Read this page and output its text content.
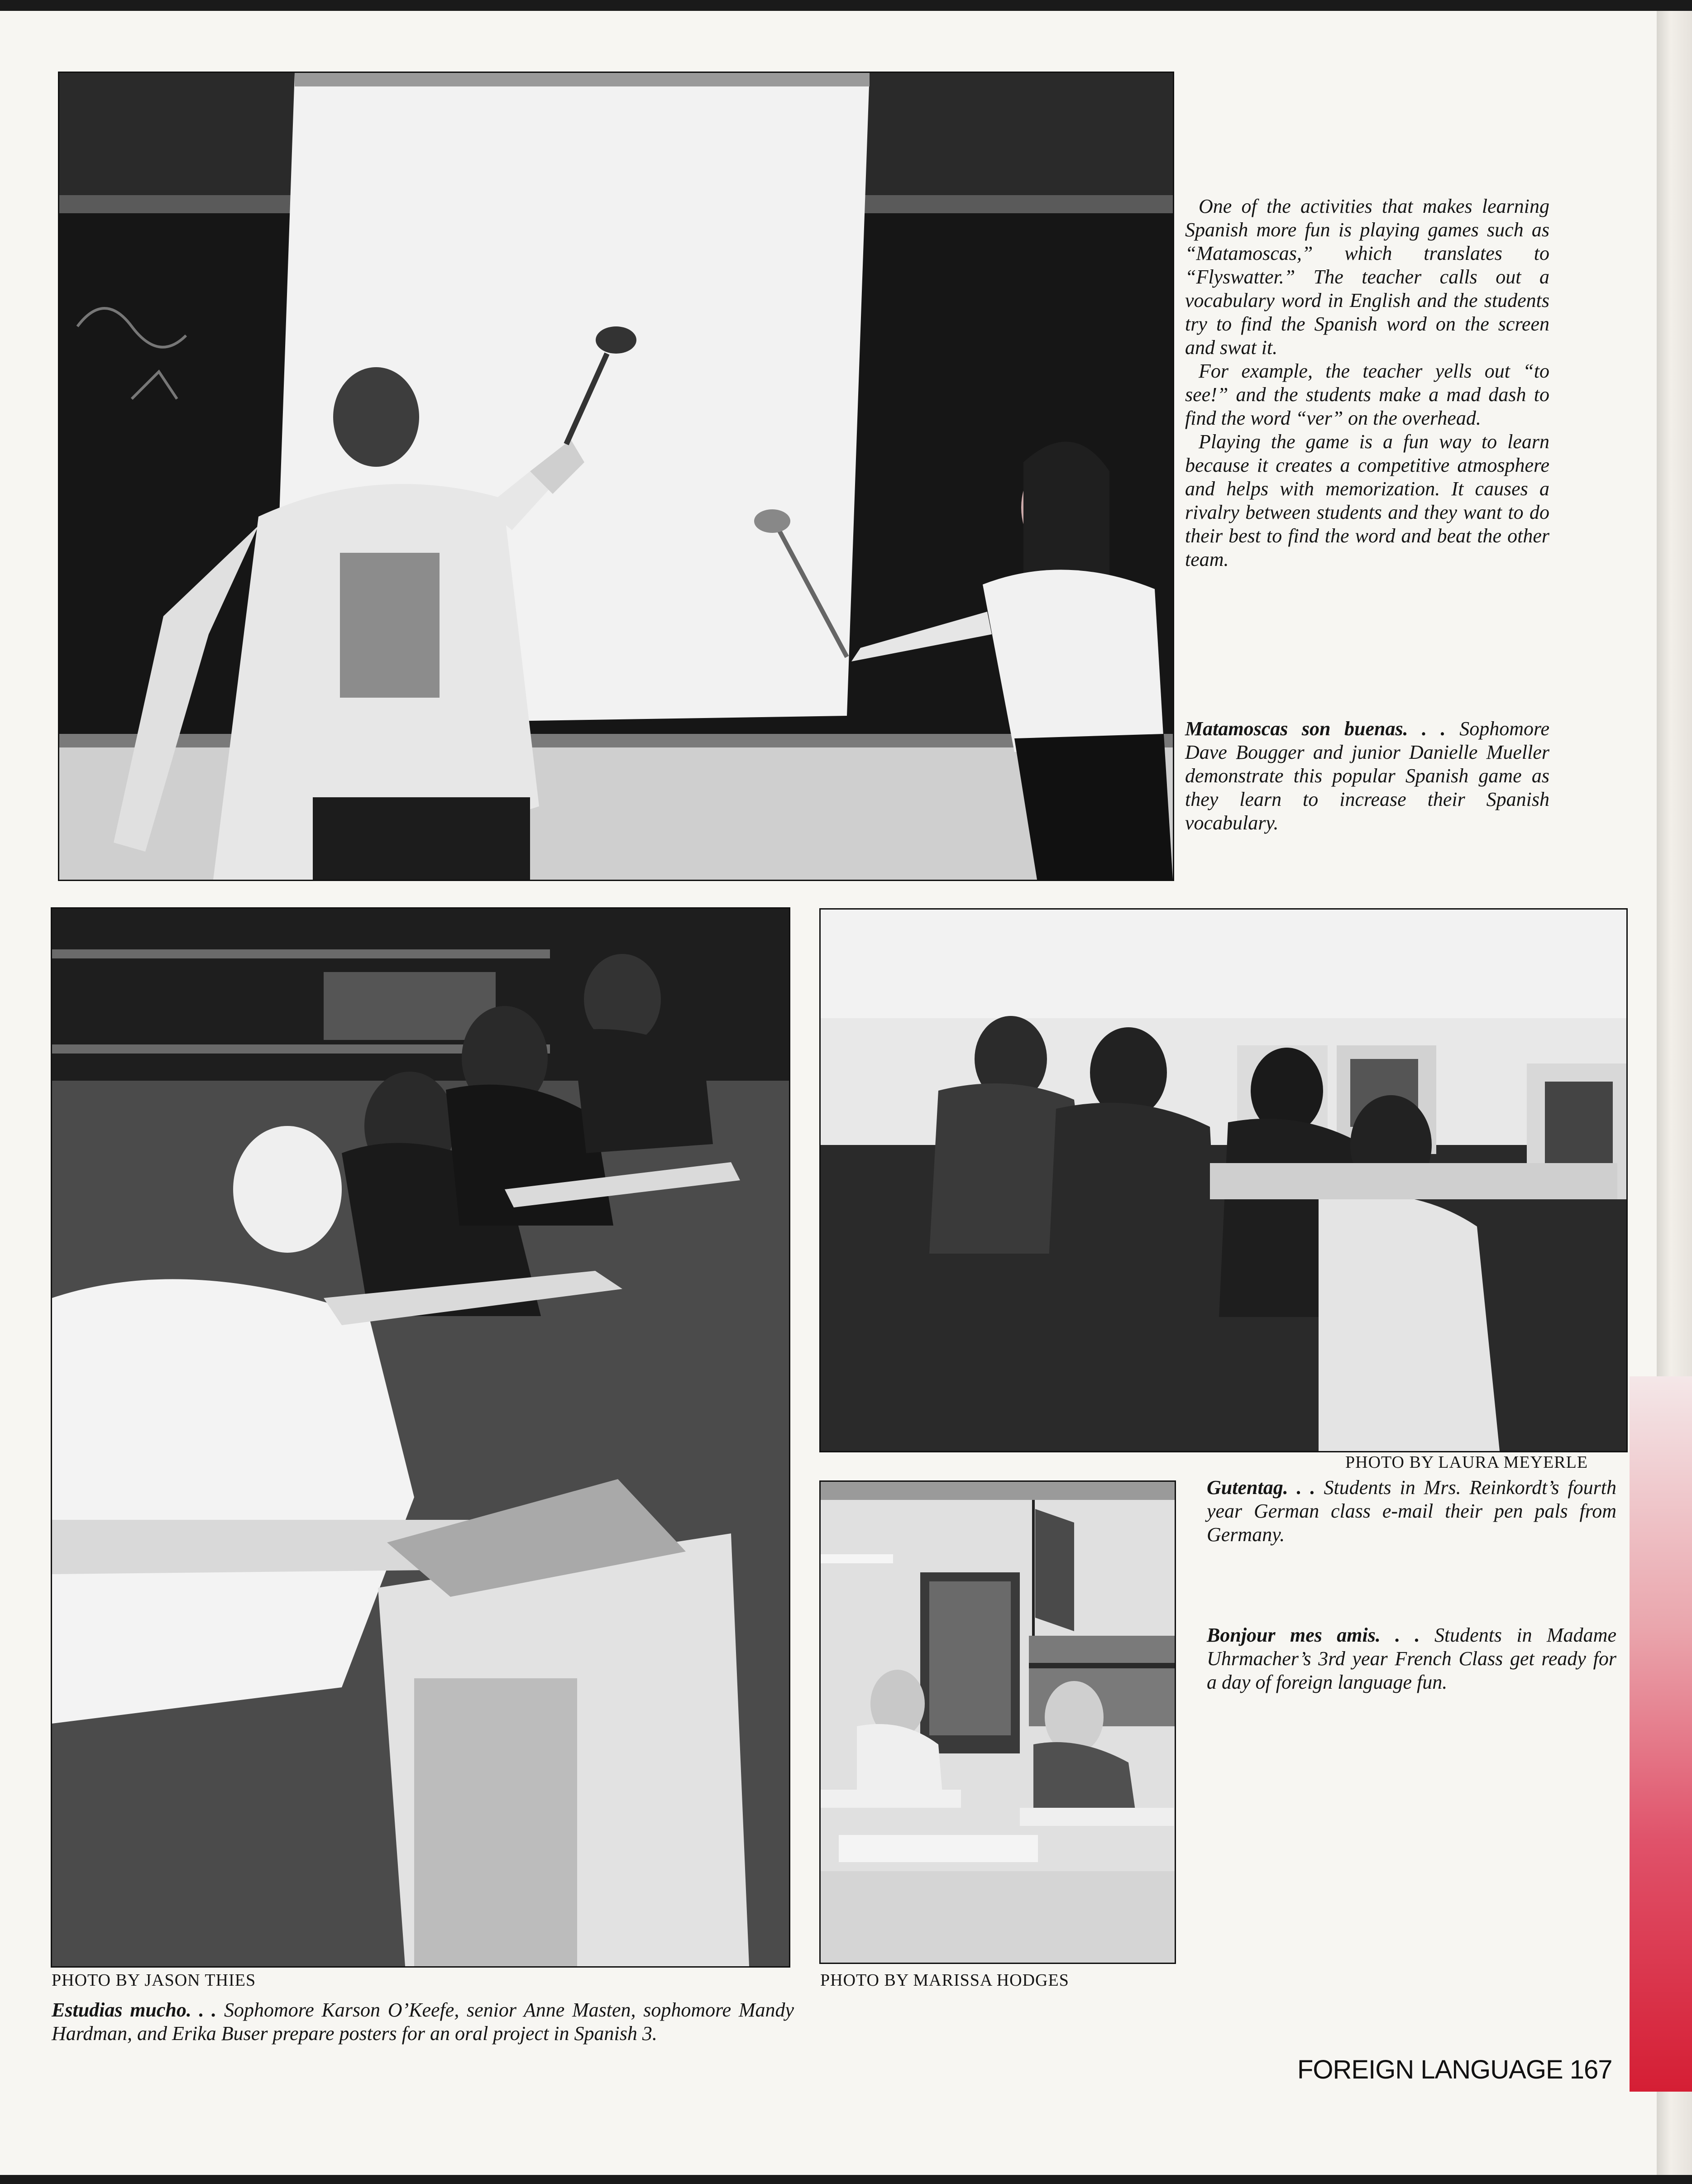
One of the activities that makes learning Spanish more fun is playing games such as “Matamoscas,” which translates to “Flyswatter.” The teacher calls out a vocabulary word in English and the students try to find the Spanish word on the screen and swat it.

For example, the teacher yells out “to see!” and the students make a mad dash to find the word “ver” on the overhead.

Playing the game is a fun way to learn because it creates a competitive atmosphere and helps with memorization. It causes a rivalry between students and they want to do their best to find the word and beat the other team.

Matamoscas son buenas. . . Sophomore Dave Bougger and junior Danielle Mueller demonstrate this popular Spanish game as they learn to increase their Spanish vocabulary.
PHOTO BY LAURA MEYERLE
Gutentag. . . Students in Mrs. Reinkordt’s fourth year German class e-mail their pen pals from Germany.
Bonjour mes amis. . . Students in Madame Uhrmacher’s 3rd year French Class get ready for a day of foreign language fun.
PHOTO BY JASON THIES	PHOTO BY MARISSA HODGES
Estudias mucho. . . Sophomore Karson O’Keefe, senior Anne Masten, sophomore Mandy Hardman, and Erika Buser prepare posters for an oral project in Spanish 3.
FOREIGN LANGUAGE 167
